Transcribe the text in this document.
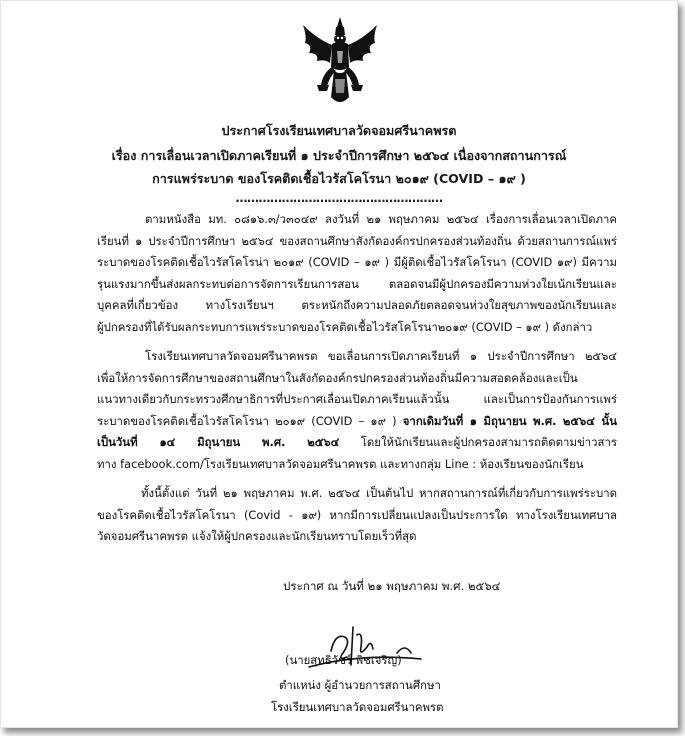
ประกาศโรงเรียนเทศบาลวัดจอมศรีนาคพรต
เรื่อง การเลื่อนเวลาเปิดภาคเรียนที่ ๑ ประจำปีการศึกษา ๒๕๖๔ เนื่องจากสถานการณ์
การแพร่ระบาด ของโรคติดเชื้อไวรัสโคโรนา ๒๐๑๙ (COVID – ๑๙ )
………………………………………………
ตามหนังสือ มท. ๐๘๑๖.๓/ว๓๐๔๙ ลงวันที่ ๒๑ พฤษภาคม ๒๕๖๔ เรื่องการเลื่อนเวลาเปิดภาค
เรียนที่ ๑ ประจำปีการศึกษา ๒๕๖๔ ของสถานศึกษาสังกัดองค์กรปกครองส่วนท้องถิ่น ด้วยสถานการณ์แพร่
ระบาดของโรคติดเชื้อไวรัสโคโรน่า ๒๐๑๙ (COVID – ๑๙ ) มีผู้ติดเชื้อไวรัสโคโรนา (COVID ๑๙) มีความ
รุนแรงมากขึ้นส่งผลกระทบต่อการจัดการเรียนการสอน ตลอดจนมีผู้ปกครองมีความห่วงใยเน้กเรียนและ
บุคคลที่เกี่ยวข้อง ทางโรงเรียนฯ ตระหนักถึงความปลอดภัยตลอดจนห่วงใยสุขภาพของนักเรียนและ
ผู้ปกครองที่ได้รับผลกระทบการแพร่ระบาดของโรคติดเชื้อไวรัสโคโรนา๒๐๑๙ (COVID – ๑๙ ) ดังกล่าว
โรงเรียนเทศบาลวัดจอมศรีนาคพรต ขอเลื่อนการเปิดภาคเรียนที่ ๑ ประจำปีการศึกษา ๒๕๖๔
เพื่อให้การจัดการศึกษาของสถานศึกษาในสังกัดองค์กรปกครองส่วนท้องถิ่นมีความสอดคล้องและเป็น
แนวทางเดียวกับกระทรวงศึกษาธิการที่ประกาศเลื่อนเปิดภาคเรียนแล้วนั้น และเป็นการป้องกันการแพร่
ระบาดของโรคติดเชื้อไวรัสโคโรนา ๒๐๑๙ (COVID – ๑๙ ) จากเดิมวันที่ ๑ มิถุนายน พ.ศ. ๒๕๖๔ นั้น
เป็นวันที่ ๑๔ มิถุนายน พ.ศ. ๒๕๖๔ โดยให้นักเรียนและผู้ปกครองสามารถติดตามข่าวสาร
ทาง facebook.com/โรงเรียนเทศบาลวัดจอมศรีนาคพรต และทางกลุ่ม Line : ห้องเรียนของนักเรียน
ทั้งนี้ตั้งแต่ วันที่ ๒๑ พฤษภาคม พ.ศ. ๒๕๖๔ เป็นต้นไป หากสถานการณ์ที่เกี่ยวกับการแพร่ระบาด
ของโรคติดเชื้อไวรัสโคโรนา (Covid - ๑๙) หากมีการเปลี่ยนแปลงเป็นประการใด ทางโรงเรียนเทศบาล
วัดจอมศรีนาคพรต แจ้งให้ผู้ปกครองและนักเรียนทราบโดยเร็วที่สุด
ประกาศ ณ วันที่ ๒๑ พฤษภาคม พ.ศ. ๒๕๖๔
(นายสุทธิวัชร์ พิชเจริญ)
ตำแหน่ง ผู้อำนวยการสถานศึกษา
โรงเรียนเทศบาลวัดจอมศรีนาคพรต
